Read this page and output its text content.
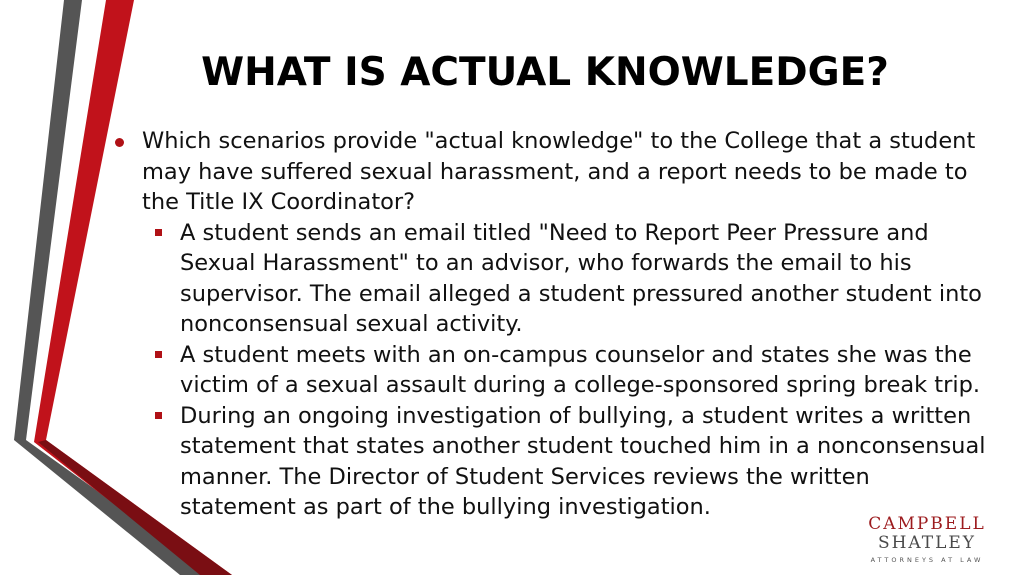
WHAT IS ACTUAL KNOWLEDGE?
Which scenarios provide "actual knowledge" to the College that a student may have suffered sexual harassment, and a report needs to be made to the Title IX Coordinator?
A student sends an email titled "Need to Report Peer Pressure and Sexual Harassment" to an advisor, who forwards the email to his supervisor. The email alleged a student pressured another student into nonconsensual sexual activity.
A student meets with an on-campus counselor and states she was the victim of a sexual assault during a college-sponsored spring break trip.
During an ongoing investigation of bullying, a student writes a written statement that states another student touched him in a nonconsensual manner. The Director of Student Services reviews the written statement as part of the bullying investigation.
CAMPBELL
SHATLEY
ATTORNEYS AT LAW
